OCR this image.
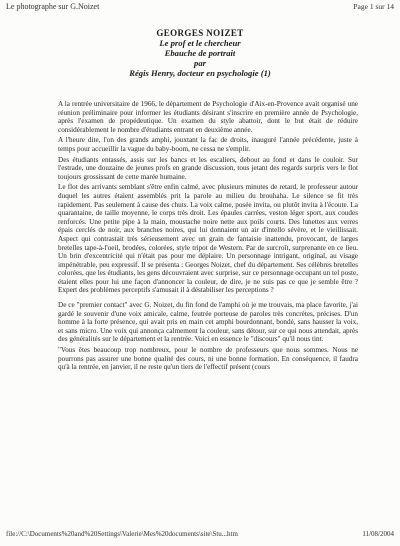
Le photographe sur G.Noizet	Page 1 sur 14
GEORGES NOIZET
Le prof et le chercheur
Ebauche de portrait
par
Régis Henry, docteur en psychologie (1)

A la rentrée universitaire de 1966, le département de Psychologie d'Aix-en-Provence avait organisé une réunion préliminaire pour informer les étudiants désirant s'inscrire en première année de Psychologie, après l'examen de propédeutique. Un examen du style abattoir, dont le but était de réduire considérablement le nombre d'étudiants entrant en deuxième année.

A l'heure dite, l'on des grands amphi, jouxtant la fac de droits, inauguré l'année précédente, juste à temps pour accueillir la vague du baby-boom, ne cessa ne s'emplir.

Des étudiants entassés, assis sur les bancs et les escaliers, debout au fond et dans le couloir. Sur l'estrade, une douzaine de jeunes profs en grande discussion, tous jetant des regards surpris vers le flot toujours grossissant de cette marée humaine.

Le flot des arrivants semblant s'être enfin calmé, avec plusieurs minutes de retard, le professeur autour duquel les autres étaient assemblés prit la parole au milieu du brouhaha. Le silence se fit très rapidement. Pas seulement à cause des chuts. La voix calme, posée invita, ou plutôt invita à l'écoute. La quarantaine, de taille moyenne, le corps très droit. Les épaules carrées, veston léger sport, aux coudes renforcés. Une petite pipe à la main, moustache noire nette aux poils courts. Des lunettes aux verres épais cerclés de noir, aux branches noires, qui lui donnaient un air d'intello sévère, et le vieillissait. Aspect qui contrastait très sérieusement avec un grain de fantaisie inattendu, provocant, de larges bretelles tape-à-l'oeil, brodées, colorées, style tripot de Western. Par de surcroît, surprenante en ce lieu. Un brin d'excentricité qui n'était pas pour me déplaire. Un personnage intrigant, original, au visage impénétrable, peu expressif. Il se présenta : Georges Noizet, chef du département. Ses célèbres bretelles colorées, que les étudiants, les gens découvraient avec surprise, sur ce personnage occupant un tel poste, étaient elles pour lui une façon d'annoncer la couleur, de dire, je ne suis pas ce que je semble être ? Expert des problèmes perceptifs s'amusait il à déstabiliser les perceptions ?

De ce "premier contact" avec G. Noizet, du fin fond de l'amphi où je me trouvais, ma place favorite, j'ai gardé le souvenir d'une voix amicale, calme, feutrée porteuse de paroles très concrètes, précises. D'un homme à la forte présence, qui avait pris en main cet amphi bourdonnant, bondé, sans hausser la voix, et sans micro. Une voix qui annonça calmement la couleur, sans détour, sur ce qui nous attendait, après des généralités sur le département et la rentrée. Voici en essence le "discours" qu'il nous tint.

"Vous êtes beaucoup trop nombreux, pour le nombre de professeurs que nous sommes. Nous ne pourrons pas assurer une bonne qualité des cours, ni une bonne formation. En conséquence, il faudra qu'à la rentrée, en janvier, il ne reste qu'un tiers de l'effectif présent (cours

file://C:\Documents%20and%20Settings\Valerie\Mes%20documents\site\Stu...htm	11/08/2004
